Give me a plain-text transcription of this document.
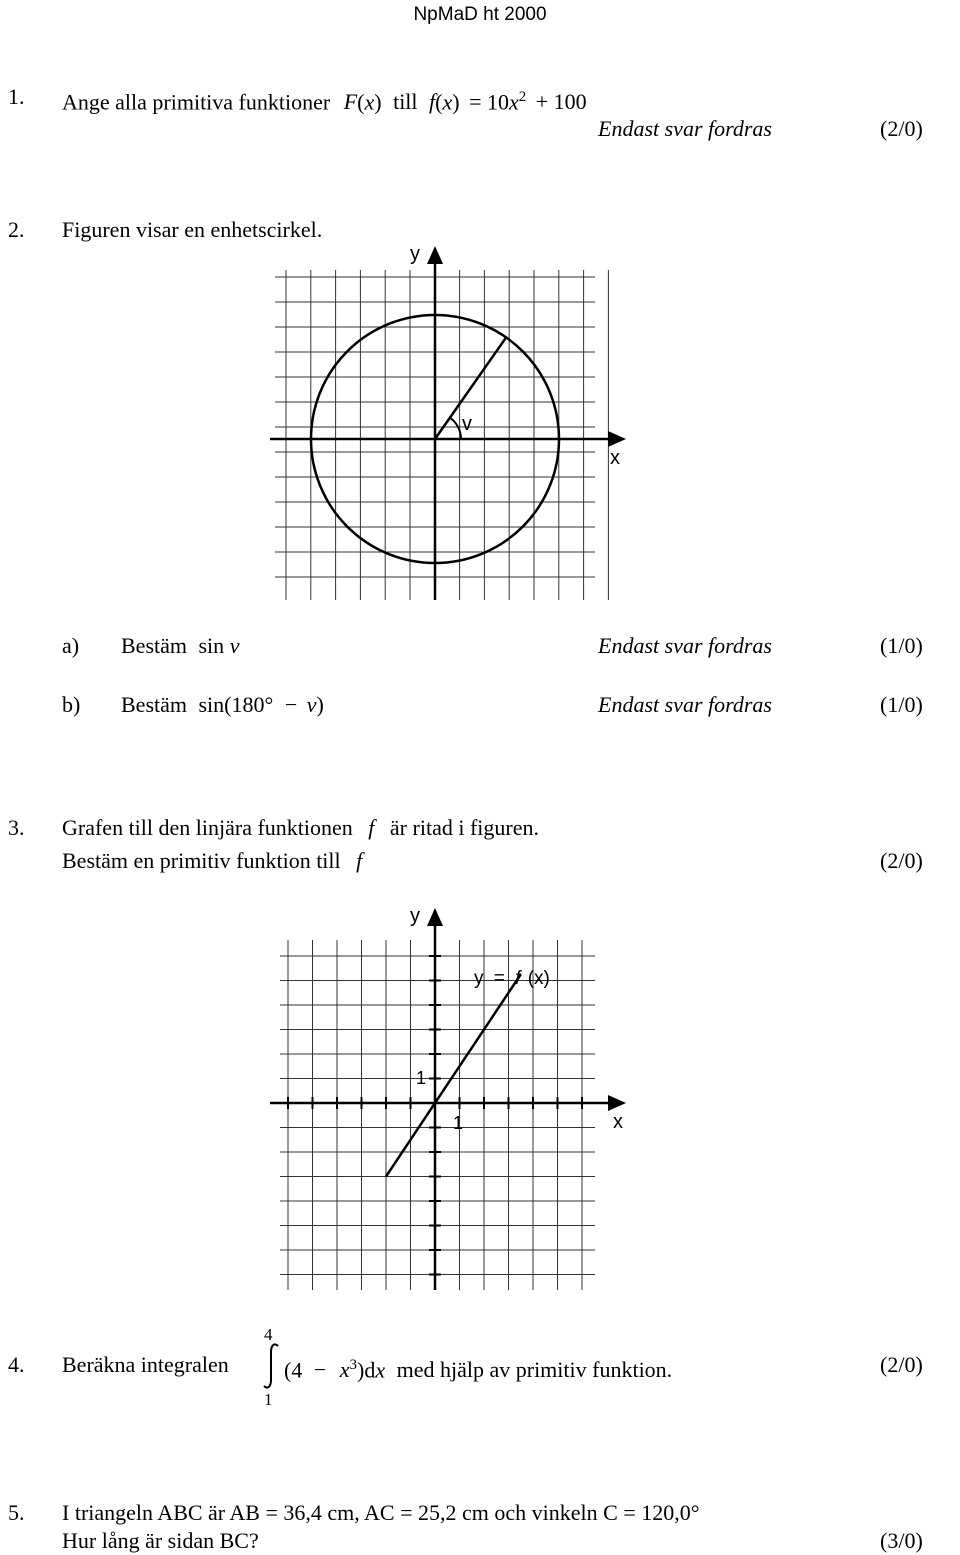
NpMaD ht 2000
1. Ange alla primitiva funktioner F(x) till $f(x) = 10x^2 + 100$
Endast svar fordras	(2/0)
2. Figuren visar en enhetscirkel.
y
x
v
a) Bestäm sin v	Endast svar fordras	(1/0)
b) Bestäm sin(180° − v)	Endast svar fordras	(1/0)
3. Grafen till den linjära funktionen f är ritad i figuren.
Bestäm en primitiv funktion till f	(2/0)
y
x
y = f (x)
1
1
4. Beräkna integralen
4
1
$(4 - x^3)dx$ med hjälp av primitiv funktion.	(2/0)
5. I triangeln ABC är AB = 36,4 cm, AC = 25,2 cm och vinkeln C = 120,0°
Hur lång är sidan BC?	(3/0)
